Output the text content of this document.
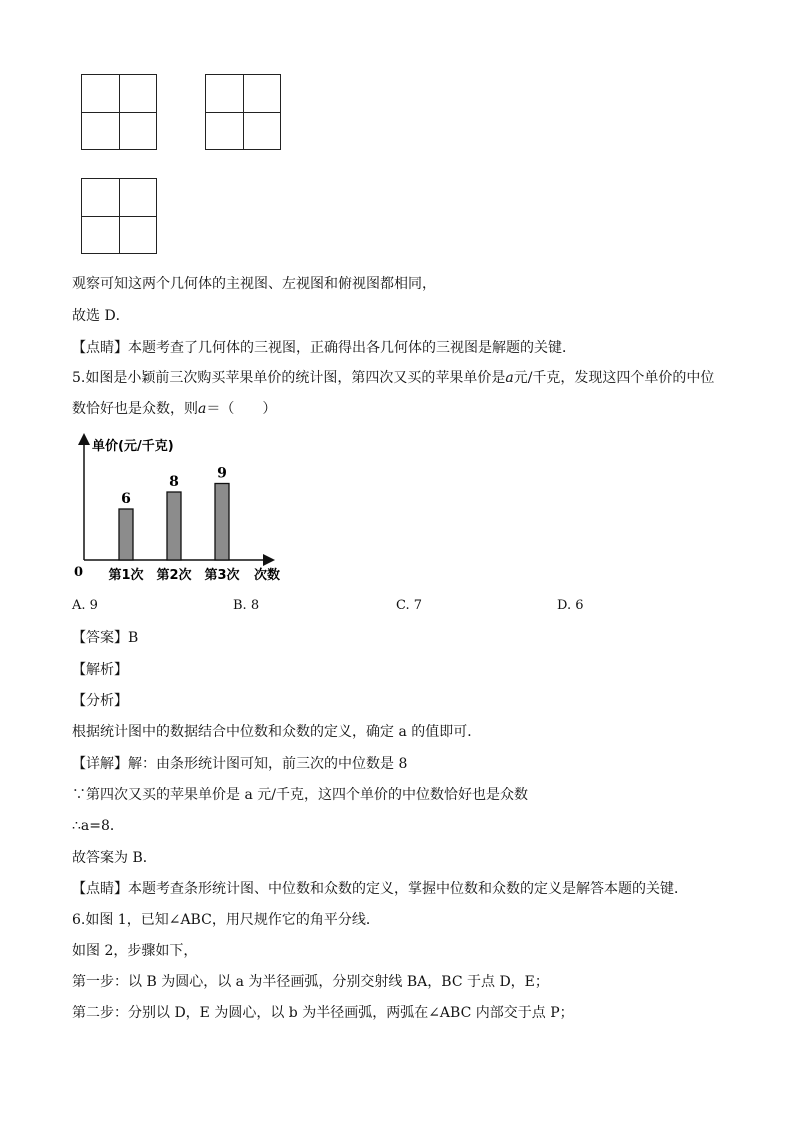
观察可知这两个几何体的主视图、左视图和俯视图都相同，
故选 D．
【点睛】本题考查了几何体的三视图，正确得出各几何体的三视图是解题的关键．
5.如图是小颖前三次购买苹果单价的统计图，第四次又买的苹果单价是a元/千克，发现这四个单价的中位
数恰好也是众数，则a＝（　　）
单价(元/千克)
0	次数
6
第1次
8
第2次
9
第3次
A. 9	B. 8	C. 7	D. 6
【答案】B
【解析】
【分析】
根据统计图中的数据结合中位数和众数的定义，确定 a 的值即可．
【详解】解：由条形统计图可知，前三次的中位数是 8
∵第四次又买的苹果单价是 a 元/千克，这四个单价的中位数恰好也是众数
∴a=8．
故答案为 B．
【点睛】本题考查条形统计图、中位数和众数的定义，掌握中位数和众数的定义是解答本题的关键．
6.如图 1，已知∠ABC，用尺规作它的角平分线．
如图 2，步骤如下，
第一步：以 B 为圆心，以 a 为半径画弧，分别交射线 BA，BC 于点 D，E；
第二步：分别以 D，E 为圆心，以 b 为半径画弧，两弧在∠ABC 内部交于点 P；
